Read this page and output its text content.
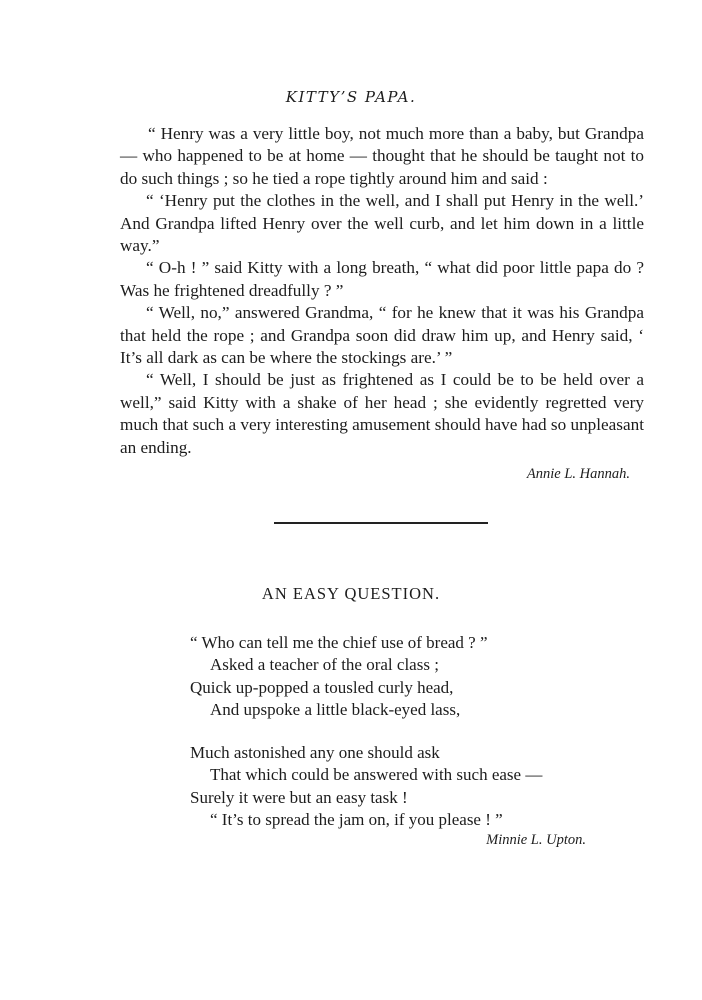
KITTY’S PAPA.

“ Henry was a very little boy, not much more than a baby, but Grandpa — who happened to be at home — thought that he should be taught not to do such things ; so he tied a rope tightly around him and said :

“ ‘Henry put the clothes in the well, and I shall put Henry in the well.’ And Grandpa lifted Henry over the well curb, and let him down in a little way.”

“ O-h ! ” said Kitty with a long breath, “ what did poor little papa do ? Was he frightened dreadfully ? ”

“ Well, no,” answered Grandma, “ for he knew that it was his Grandpa that held the rope ; and Grandpa soon did draw him up, and Henry said, ‘ It’s all dark as can be where the stockings are.’ ”

“ Well, I should be just as frightened as I could be to be held over a well,” said Kitty with a shake of her head ; she evidently regretted very much that such a very interesting amusement should have had so unpleasant an ending.

Annie L. Hannah.
AN EASY QUESTION.
“ Who can tell me the chief use of bread ? ”
Asked a teacher of the oral class ;
Quick up-popped a tousled curly head,
And upspoke a little black-eyed lass,
Much astonished any one should ask
That which could be answered with such ease —
Surely it were but an easy task !
“ It’s to spread the jam on, if you please ! ”
Minnie L. Upton.
